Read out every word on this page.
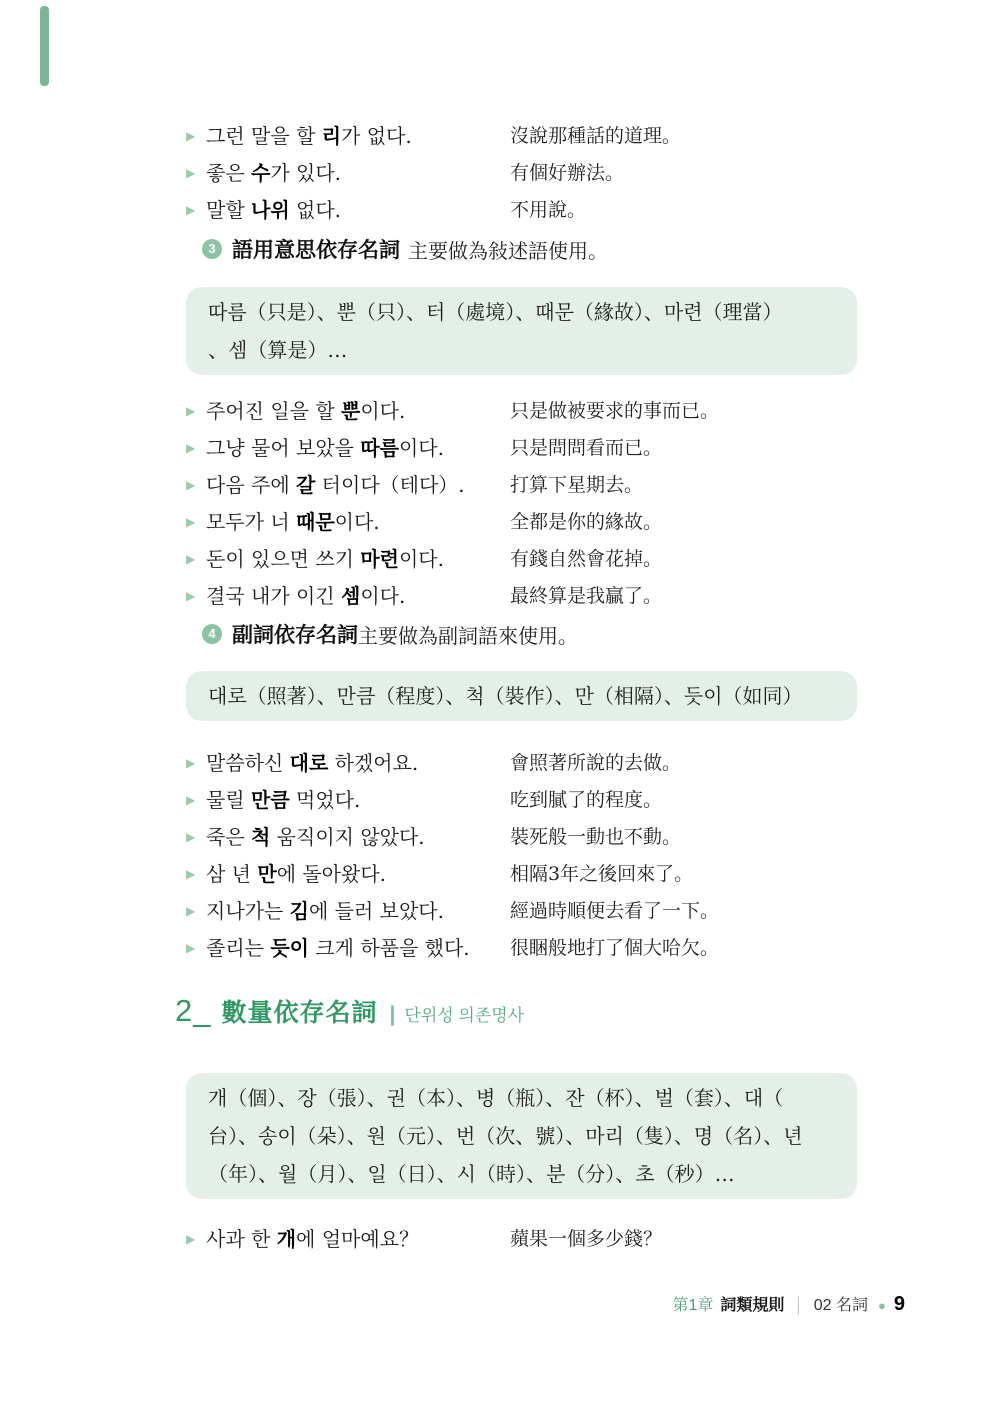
▶ 그런 말을 할 리가 없다.	沒說那種話的道理。
▶ 좋은 수가 있다.	有個好辦法。
▶ 말할 나위 없다.	不用說。
3 語用意思依存名詞 主要做為敍述語使用。
따름（只是）、뿐（只）、터（處境）、때문（緣故）、마련（理當）
、셈（算是）…
▶ 주어진 일을 할 뿐이다.	只是做被要求的事而已。
▶ 그냥 물어 보았을 따름이다.	只是問問看而已。
▶ 다음 주에 갈 터이다（테다）.	打算下星期去。
▶ 모두가 너 때문이다.	全都是你的緣故。
▶ 돈이 있으면 쓰기 마련이다.	有錢自然會花掉。
▶ 결국 내가 이긴 셈이다.	最終算是我贏了。
4 副詞依存名詞 主要做為副詞語來使用。
대로（照著）、만큼（程度）、척（裝作）、만（相隔）、듯이（如同）
▶ 말씀하신 대로 하겠어요.	會照著所說的去做。
▶ 물릴 만큼 먹었다.	吃到膩了的程度。
▶ 죽은 척 움직이지 않았다.	裝死般一動也不動。
▶ 삼 년 만에 돌아왔다.	相隔3年之後回來了。
▶ 지나가는 김에 들러 보았다.	經過時順便去看了一下。
▶ 졸리는 듯이 크게 하품을 했다.	很睏般地打了個大哈欠。
2_ 數量依存名詞 | 단위성 의존명사
개（個）、장（張）、권（本）、병（瓶）、잔（杯）、벌（套）、대（
台）、송이（朵）、원（元）、번（次、號）、마리（隻）、명（名）、년
（年）、월（月）、일（日）、시（時）、분（分）、초（秒）…
▶ 사과 한 개에 얼마예요？	蘋果一個多少錢？
第1章 詞類規則 │ 02 名詞 ● 9
